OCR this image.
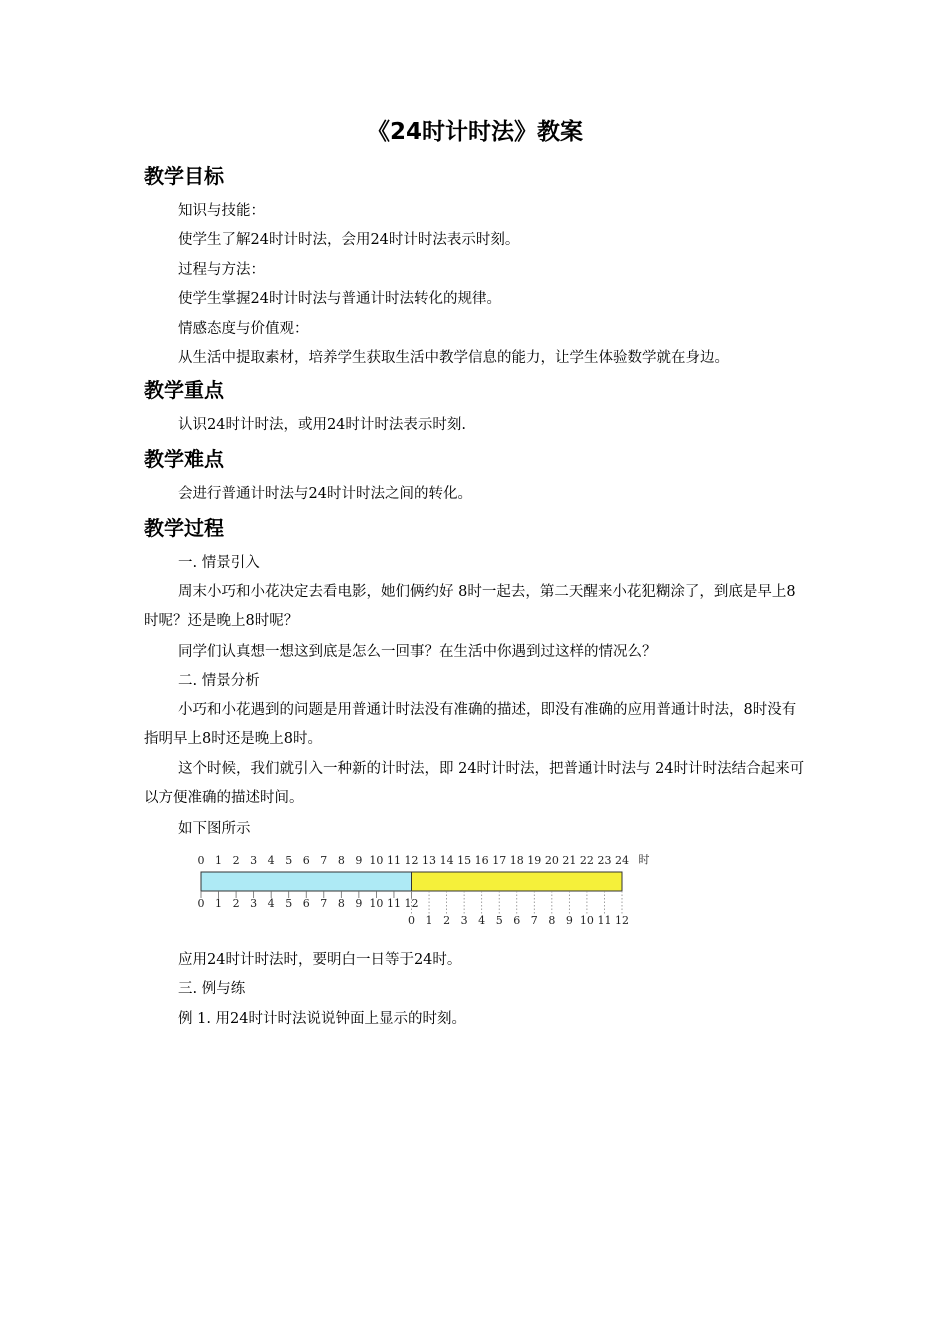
《24时计时法》教案
教学目标
知识与技能：
使学生了解24时计时法，会用24时计时法表示时刻。
过程与方法：
使学生掌握24时计时法与普通计时法转化的规律。
情感态度与价值观：
从生活中提取素材，培养学生获取生活中教学信息的能力，让学生体验数学就在身边。
教学重点
认识24时计时法，或用24时计时法表示时刻.
教学难点
会进行普通计时法与24时计时法之间的转化。
教学过程
一. 情景引入
周末小巧和小花决定去看电影，她们俩约好 8时一起去，第二天醒来小花犯糊涂了，到底是早上8时呢？还是晚上8时呢？
同学们认真想一想这到底是怎么一回事？在生活中你遇到过这样的情况么？
二. 情景分析
小巧和小花遇到的问题是用普通计时法没有准确的描述，即没有准确的应用普通计时法，8时没有指明早上8时还是晚上8时。
这个时候，我们就引入一种新的计时法，即 24时计时法，把普通计时法与 24时计时法结合起来可以方便准确的描述时间。
如下图所示
0 1 2 3 4 5 6 7 8 9 10 11 12 13 14 15 16 17 18 19 20 21 22 23 24 时
0 1 2 3 4 5 6 7 8 9 10 11 12
0 1 2 3 4 5 6 7 8 9 10 11 12
应用24时计时法时，要明白一日等于24时。
三. 例与练
例 1. 用24时计时法说说钟面上显示的时刻。
